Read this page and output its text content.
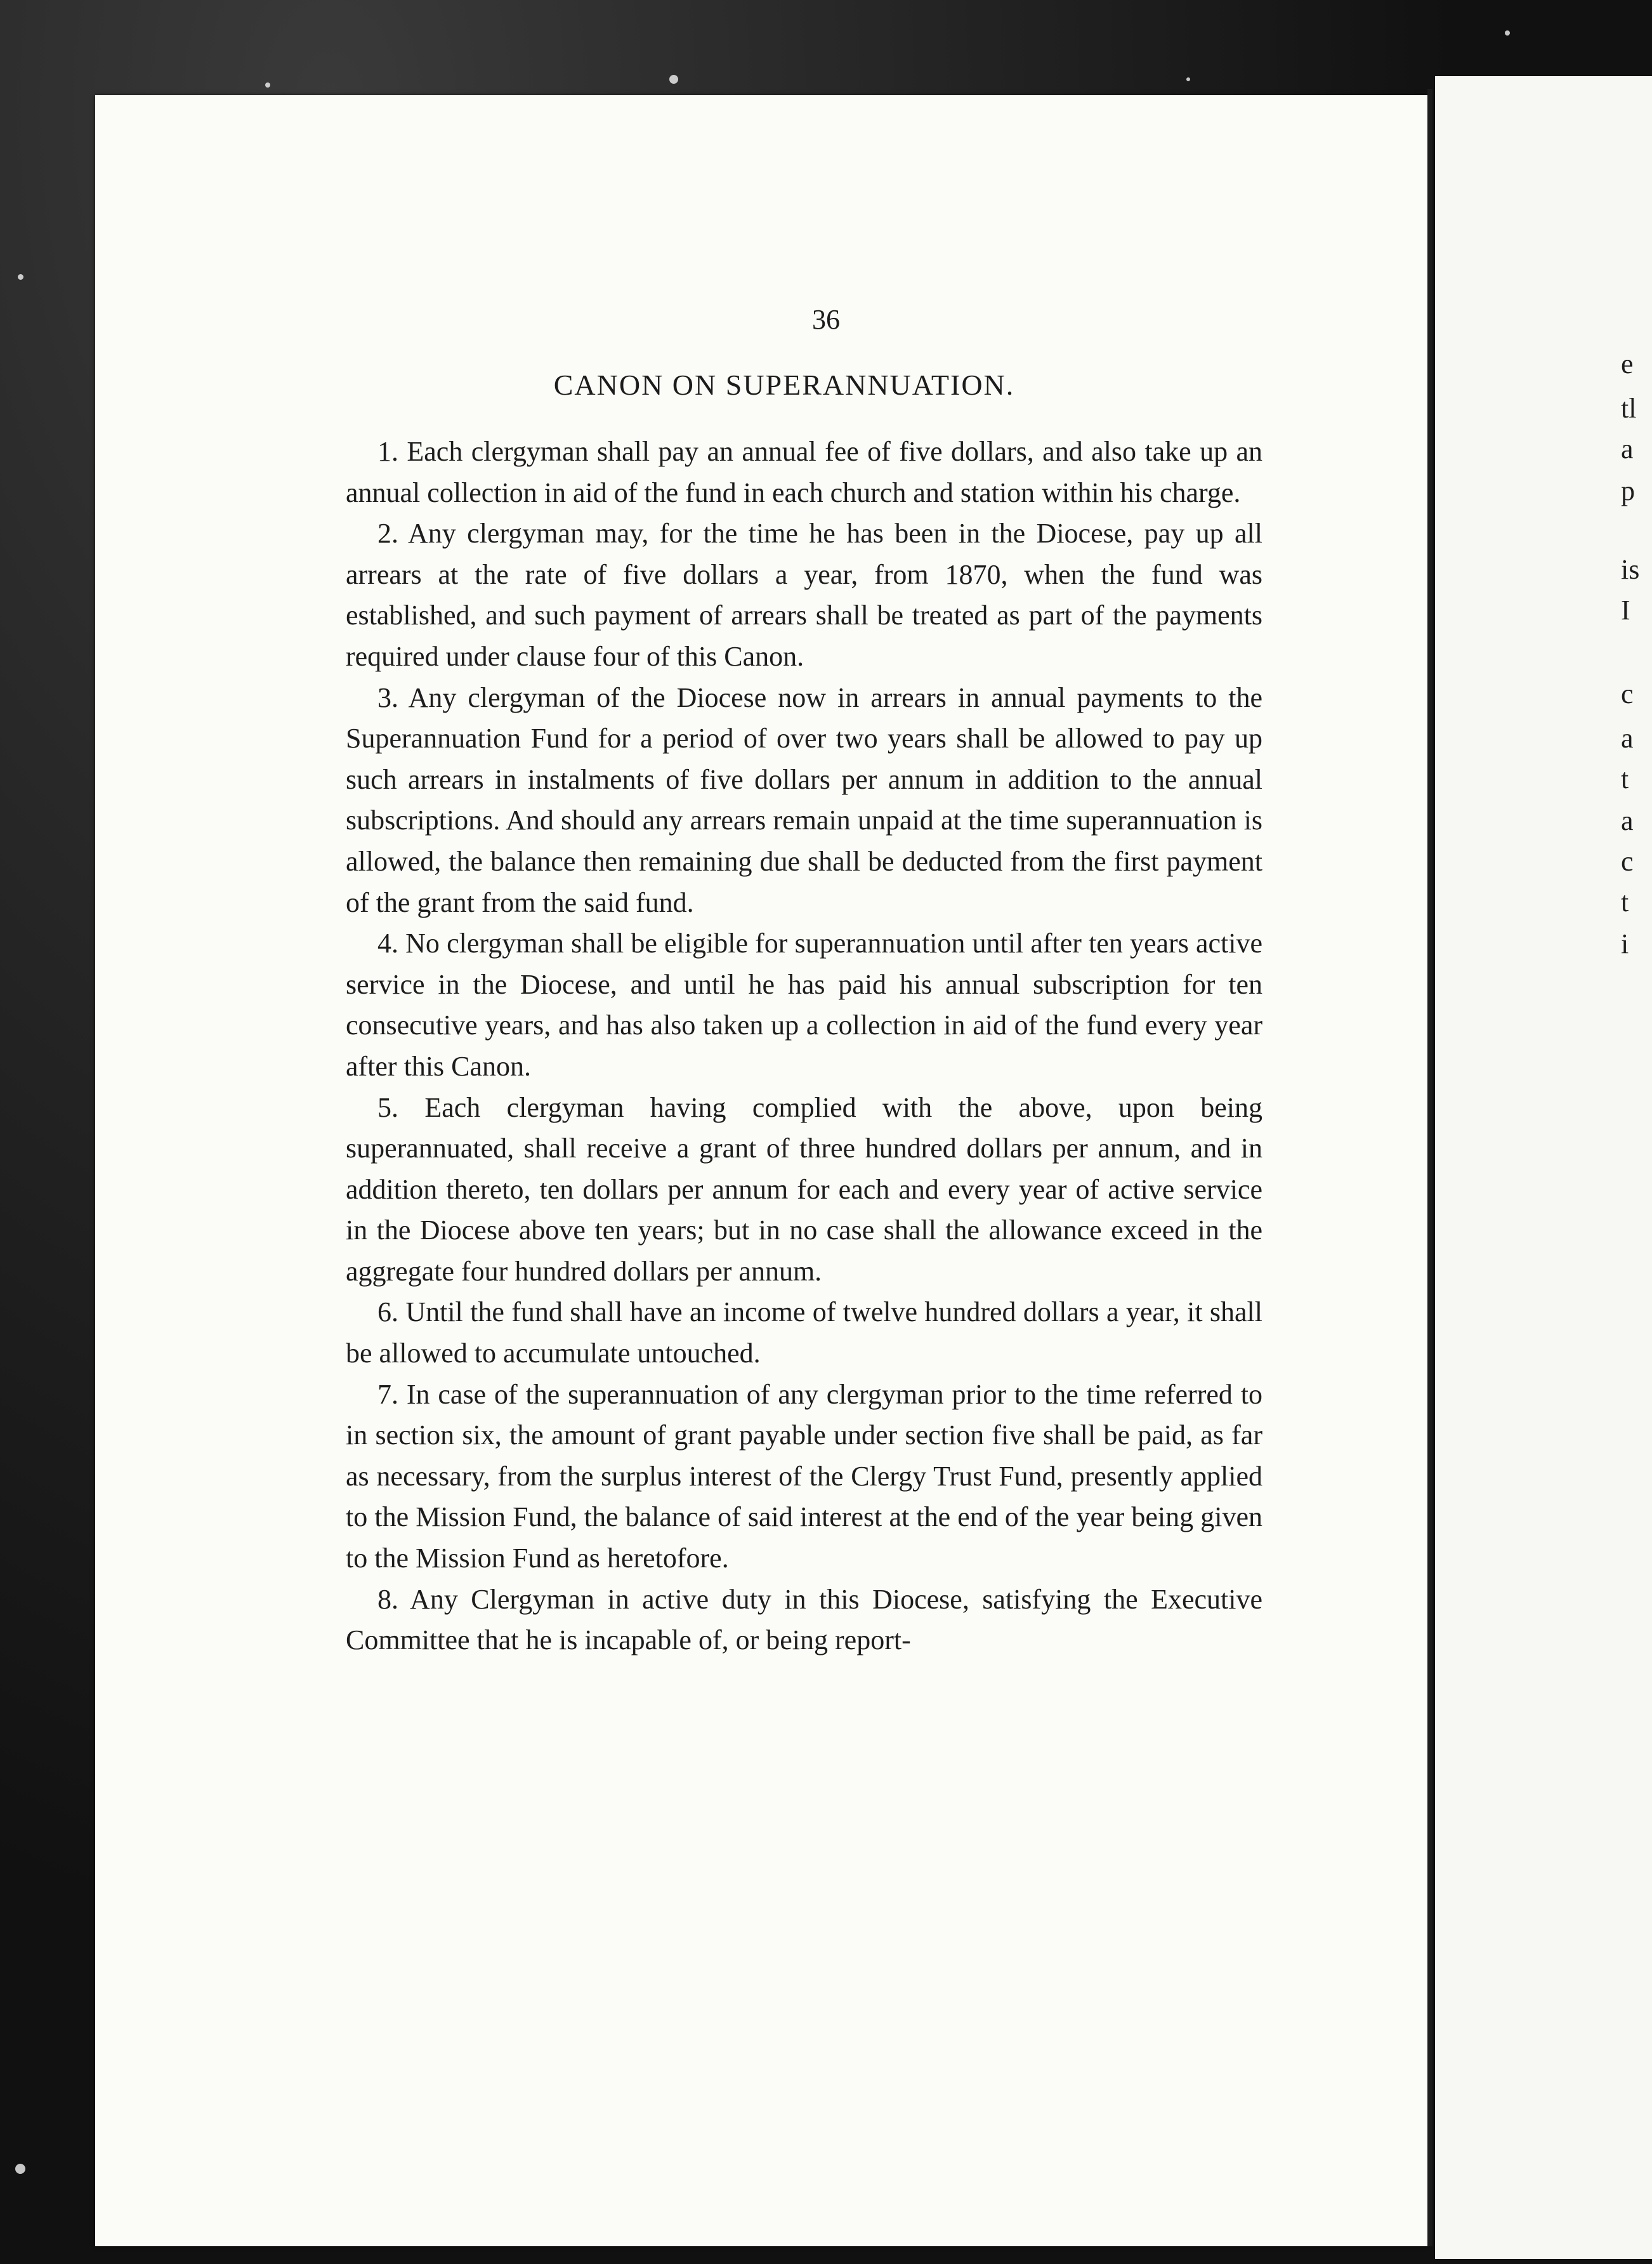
e
tl
a
p
is
I
c
a
t
a
c
t
i
36
CANON ON SUPERANNUATION.

1. Each clergyman shall pay an annual fee of five dollars, and also take up an annual collection in aid of the fund in each church and station within his charge.

2. Any clergyman may, for the time he has been in the Diocese, pay up all arrears at the rate of five dollars a year, from 1870, when the fund was established, and such payment of arrears shall be treated as part of the payments required under clause four of this Canon.

3. Any clergyman of the Diocese now in arrears in annual payments to the Superannuation Fund for a period of over two years shall be allowed to pay up such arrears in instalments of five dollars per annum in addition to the annual subscriptions. And should any arrears remain unpaid at the time superannuation is allowed, the balance then remaining due shall be deducted from the first payment of the grant from the said fund.

4. No clergyman shall be eligible for superannuation until after ten years active service in the Diocese, and until he has paid his annual subscription for ten consecutive years, and has also taken up a collection in aid of the fund every year after this Canon.

5. Each clergyman having complied with the above, upon being superannuated, shall receive a grant of three hundred dollars per annum, and in addition thereto, ten dollars per annum for each and every year of active service in the Diocese above ten years; but in no case shall the allowance exceed in the aggregate four hundred dollars per annum.

6. Until the fund shall have an income of twelve hundred dollars a year, it shall be allowed to accumulate untouched.

7. In case of the superannuation of any clergyman prior to the time referred to in section six, the amount of grant payable under section five shall be paid, as far as necessary, from the surplus interest of the Clergy Trust Fund, presently applied to the Mission Fund, the balance of said interest at the end of the year being given to the Mission Fund as heretofore.

8. Any Clergyman in active duty in this Diocese, satisfying the Executive Committee that he is incapable of, or being report-
